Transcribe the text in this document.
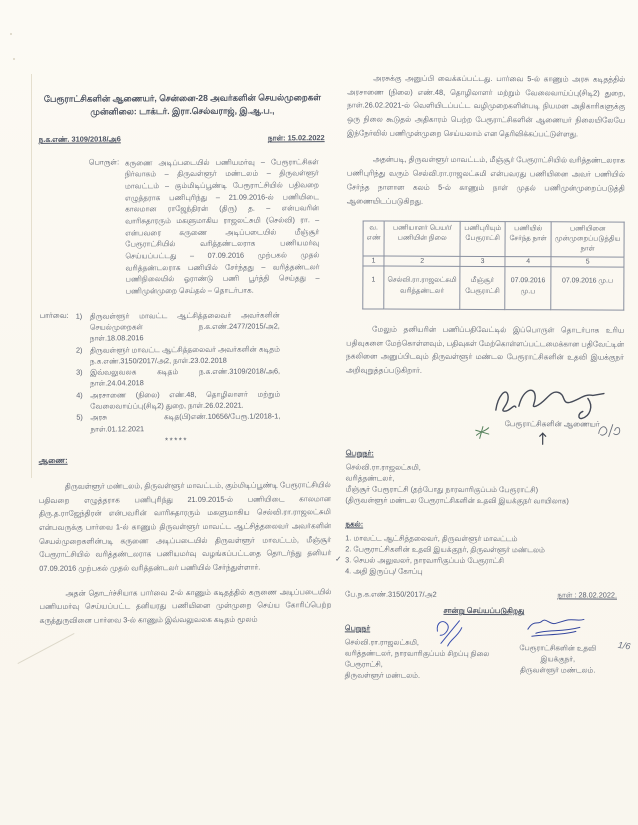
பேரூராட்சிகளின் ஆணையர், சென்னை-28 அவர்களின் செயல்முறைகள்
முன்னிலை: டாக்டர். இரா.செல்வராஜ், இ.ஆ.ப.,
ந.க.எண். 3109/2018/அ6	நாள்: 15.02.2022
பொருள்: கருணை அடிப்படையில் பணியமர்வு – பேரூராட்சிகள் நிர்வாகம் – திருவள்ளூர் மண்டலம் – திருவள்ளூர் மாவட்டம் – கும்மிடிப்பூண்டி பேரூராட்சியில் பதிவறை எழுத்தராக பணிபுரிந்து – 21.09.2016-ல் பணியிடை காலமான ராஜேந்திரன் (திரு) த. – என்பவரின் வாரிசுதாரரும் மகளுமாகிய ராஜலட்சுமி (செல்வி) ரா. – என்பவரை கருணை அடிப்படையில் மீஞ்சூர் பேரூராட்சியில் வரித்தண்டலராக பணியமர்வு செய்யப்பட்டது – 07.09.2016 முற்பகல் முதல் வரித்தண்டலராக பணியில் சேர்ந்தது – வரித்தண்டலர் பணிநிலையில் ஓராண்டு பணி பூர்த்தி செய்தது – பணிமுன்முறை செய்தல் – தொடர்பாக.
பார்வை: 1)	திருவள்ளூர் மாவட்ட ஆட்சித்தலைவர் அவர்களின் செயல்முறைகள் ந.க.எண்.2477/2015/அ2, நாள்.18.08.2016
2)	திருவள்ளூர் மாவட்ட ஆட்சித்தலைவர் அவர்களின் கடிதம் ந.க.எண்.3150/2017/அ2, நாள்.23.02.2018
3)	இவ்வலுவலக கடிதம் ந.க.எண்.3109/2018/அ6, நாள்.24.04.2018
4)	அரசாணை (நிலை) எண்.48, தொழிலாளர் மற்றும் வேலைவாய்ப்பு(சிடி2) துறை, நாள்.26.02.2021.
5)	அரசு கடித(பி)எண்.10656/பேரூ.1/2018-1, நாள்.01.12.2021
*****
ஆணை:
திருவள்ளூர் மண்டலம், திருவள்ளூர் மாவட்டம், கும்மிடிப்பூண்டி பேரூராட்சியில் பதிவறை எழுத்தராக பணிபுரிந்து 21.09.2015-ல் பணியிடை காலமான திரு.த.ராஜேந்திரன் என்பவரின் வாரிசுதாரரும் மகளுமாகிய செல்வி.ரா.ராஜலட்சுமி என்பவருக்கு பார்வை 1-ல் காணும் திருவள்ளூர் மாவட்ட ஆட்சித்தலைவர் அவர்களின் செயல்முறைகளின்படி கருணை அடிப்படையில் திருவள்ளூர் மாவட்டம், மீஞ்சூர் பேரூராட்சியில் வரித்தண்டலராக பணியமர்வு வழங்கப்பட்டதை தொடர்ந்து தனியர் 07.09.2016 முற்பகல் முதல் வரித்தண்டலர் பணியில் சேர்ந்துள்ளார்.
அதன் தொடர்ச்சியாக பார்வை 2-ல் காணும் கடிதத்தில் கருணை அடிப்படையில் பணியமர்வு செய்யப்பட்ட தனியரது பணியினை முன்முறை செய்ய கோரிப்பெற்ற கருத்துருவினை பார்வை 3-ல் காணும் இவ்வலுவலக கடிதம் மூலம்
அரசுக்கு அனுப்பி வைக்கப்பட்டது. பார்வை 5-ல் காணும் அரசு கடிதத்தில் அரசாணை (நிலை) எண்.48, தொழிலாளர் மற்றும் வேலைவாய்ப்பு(சிடி2) துறை, நாள்.26.02.2021-ல் வெளியிடப்பட்ட வழிமுறைகளின்படி நியமன அதிகாரிகளுக்கு ஒரு நிலை கூடுதல் அதிகாரம் பெற்ற பேரூராட்சிகளின் ஆணையர் நிலையிலேயே இந்நேர்வில் பணிமுன்முறை செய்யலாம் என தெரிவிக்கப்பட்டுள்ளது.
அதன்படி, திருவள்ளூர் மாவட்டம், மீஞ்சூர் பேரூராட்சியில் வரித்தண்டலராக பணிபுரிந்து வரும் செல்வி.ரா.ராஜலட்சுமி என்பவரது பணியினை அவர் பணியில் சேர்ந்த நாளான கலம் 5-ல் காணும் நாள் முதல் பணிமுன்முறைப்படுத்தி ஆணையிடப்படுகிறது.
வ. எண்	பணியாளர் பெயர்/ பணியின் நிலை	பணிபுரியும் பேரூராட்சி	பணியில் சேர்ந்த நாள்	பணியினை முன்முறைப்படுத்திய நாள்
1	2	3	4	5
1	செல்வி.ரா.ராஜலட்சுமி வரித்தண்டலர்	மீஞ்சூர் பேரூராட்சி	07.09.2016 மு.ப	07.09.2016 மு.ப
மேலும் தனியரின் பணிப்பதிவேட்டில் இப்பொருள் தொடர்பாக உரிய பதிவுகளை மேற்கொள்ளவும், பதிவுகள் மேற்கொள்ளப்பட்டமைக்கான பதிவேட்டின் நகலினை அனுப்பிடவும் திருவள்ளூர் மண்டல பேரூராட்சிகளின் உதவி இயக்குநர் அறிவுறுத்தப்படுகிறார்.
பேரூராட்சிகளின் ஆணையர்
பெறுநர்:
செல்வி.ரா.ராஜலட்சுமி,
வரித்தண்டலர்,
மீஞ்சூர் பேரூராட்சி (தற்போது நாரவாரிகுப்பம் பேரூராட்சி)
(திருவள்ளூர் மண்டல பேரூராட்சிகளின் உதவி இயக்குநர் வாயிலாக)
நகல்:
1. மாவட்ட ஆட்சித்தலைவர், திருவள்ளூர் மாவட்டம்
2. பேரூராட்சிகளின் உதவி இயக்குநர், திருவள்ளூர் மண்டலம்
✓ 3. செயல் அலுவலர், நாரவாரிகுப்பம் பேரூராட்சி
4. அதி இருப்பு/ கோப்பு
பே.ந.க.எண்.3150/2017/அ2	நாள் : 28.02.2022.
சான்று செய்யப்படுகிறது
பெறுநர்
செல்வி.ரா.ராஜலட்சுமி,
வரித்தண்டலர், நாரவாரிகுப்பம் சிறப்பு நிலை பேரூராட்சி,
திருவள்ளூர் மண்டலம்.
பேரூராட்சிகளின் உதவி இயக்குநர்,
திருவள்ளூர் மண்டலம்.
1/6
